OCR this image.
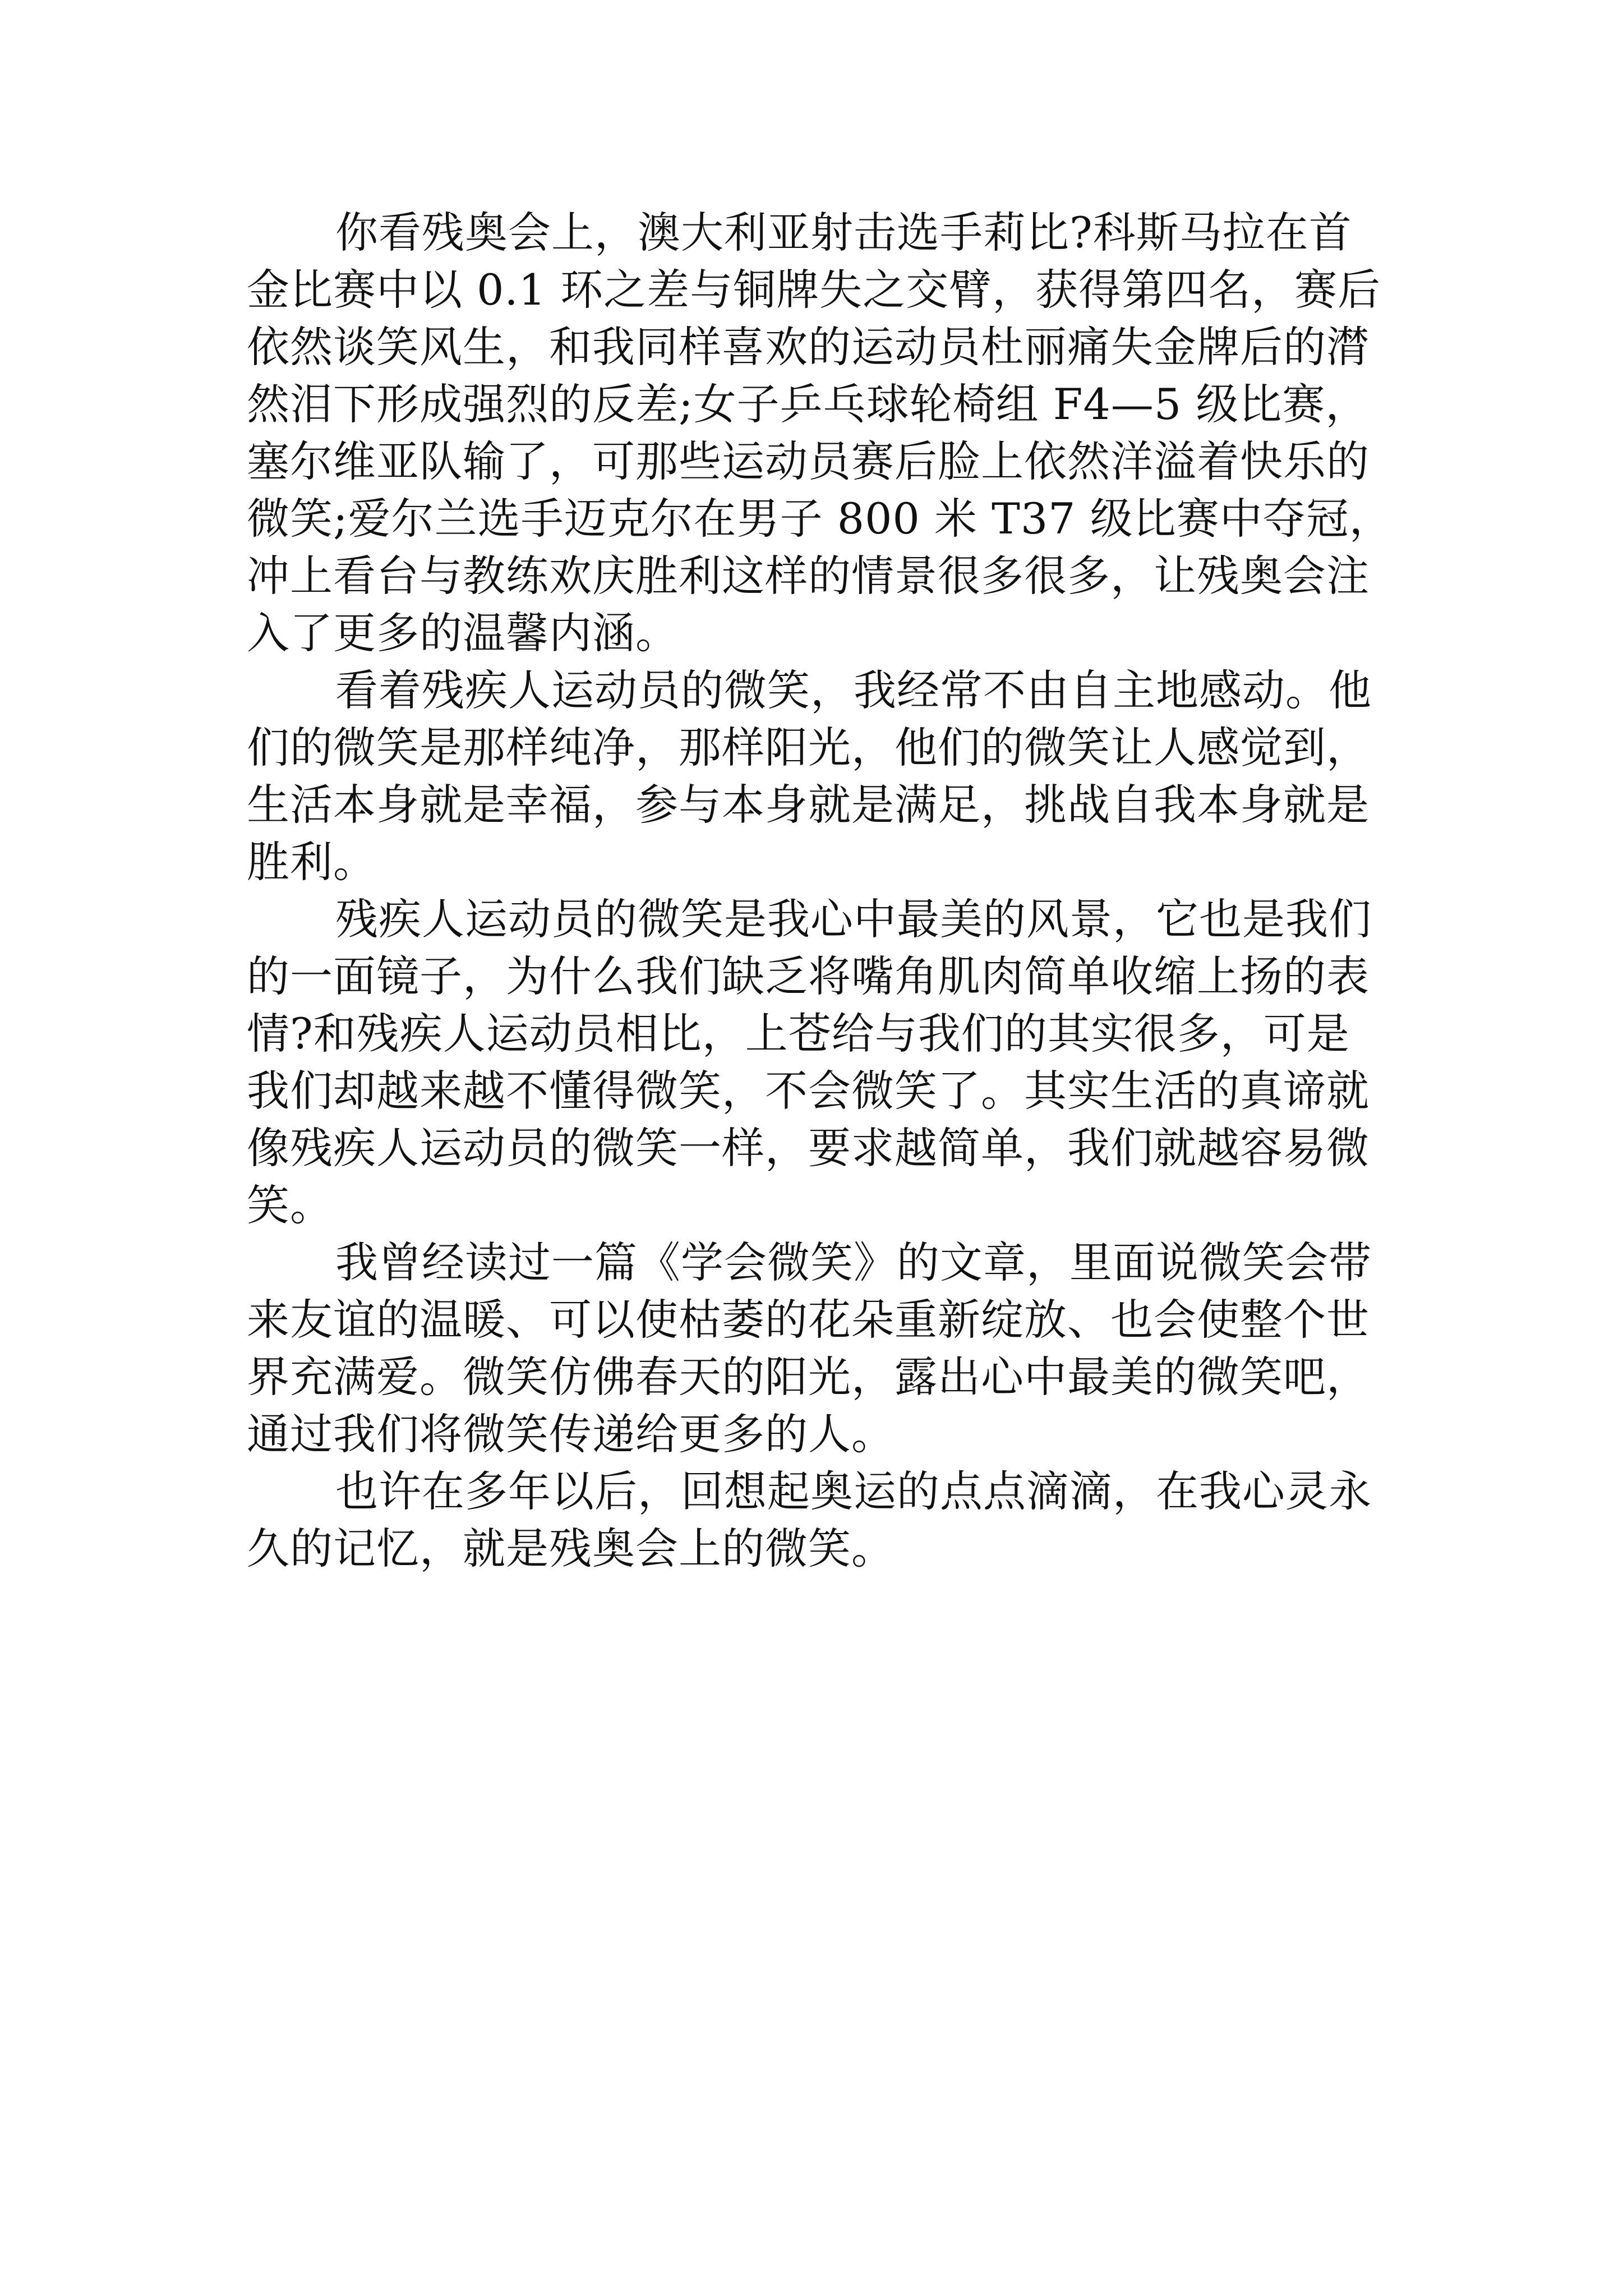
你看残奥会上，澳大利亚射击选手莉比?科斯马拉在首
金比赛中以 0.1 环之差与铜牌失之交臂，获得第四名，赛后
依然谈笑风生，和我同样喜欢的运动员杜丽痛失金牌后的潸
然泪下形成强烈的反差;女子乒乓球轮椅组 F4—5 级比赛，
塞尔维亚队输了，可那些运动员赛后脸上依然洋溢着快乐的
微笑;爱尔兰选手迈克尔在男子 800 米 T37 级比赛中夺冠，
冲上看台与教练欢庆胜利这样的情景很多很多，让残奥会注
入了更多的温馨内涵。
看着残疾人运动员的微笑，我经常不由自主地感动。他
们的微笑是那样纯净，那样阳光，他们的微笑让人感觉到，
生活本身就是幸福，参与本身就是满足，挑战自我本身就是
胜利。
残疾人运动员的微笑是我心中最美的风景，它也是我们
的一面镜子，为什么我们缺乏将嘴角肌肉简单收缩上扬的表
情?和残疾人运动员相比，上苍给与我们的其实很多，可是
我们却越来越不懂得微笑，不会微笑了。其实生活的真谛就
像残疾人运动员的微笑一样，要求越简单，我们就越容易微
笑。
我曾经读过一篇《学会微笑》的文章，里面说微笑会带
来友谊的温暖、可以使枯萎的花朵重新绽放、也会使整个世
界充满爱。微笑仿佛春天的阳光，露出心中最美的微笑吧，
通过我们将微笑传递给更多的人。
也许在多年以后，回想起奥运的点点滴滴，在我心灵永
久的记忆，就是残奥会上的微笑。
